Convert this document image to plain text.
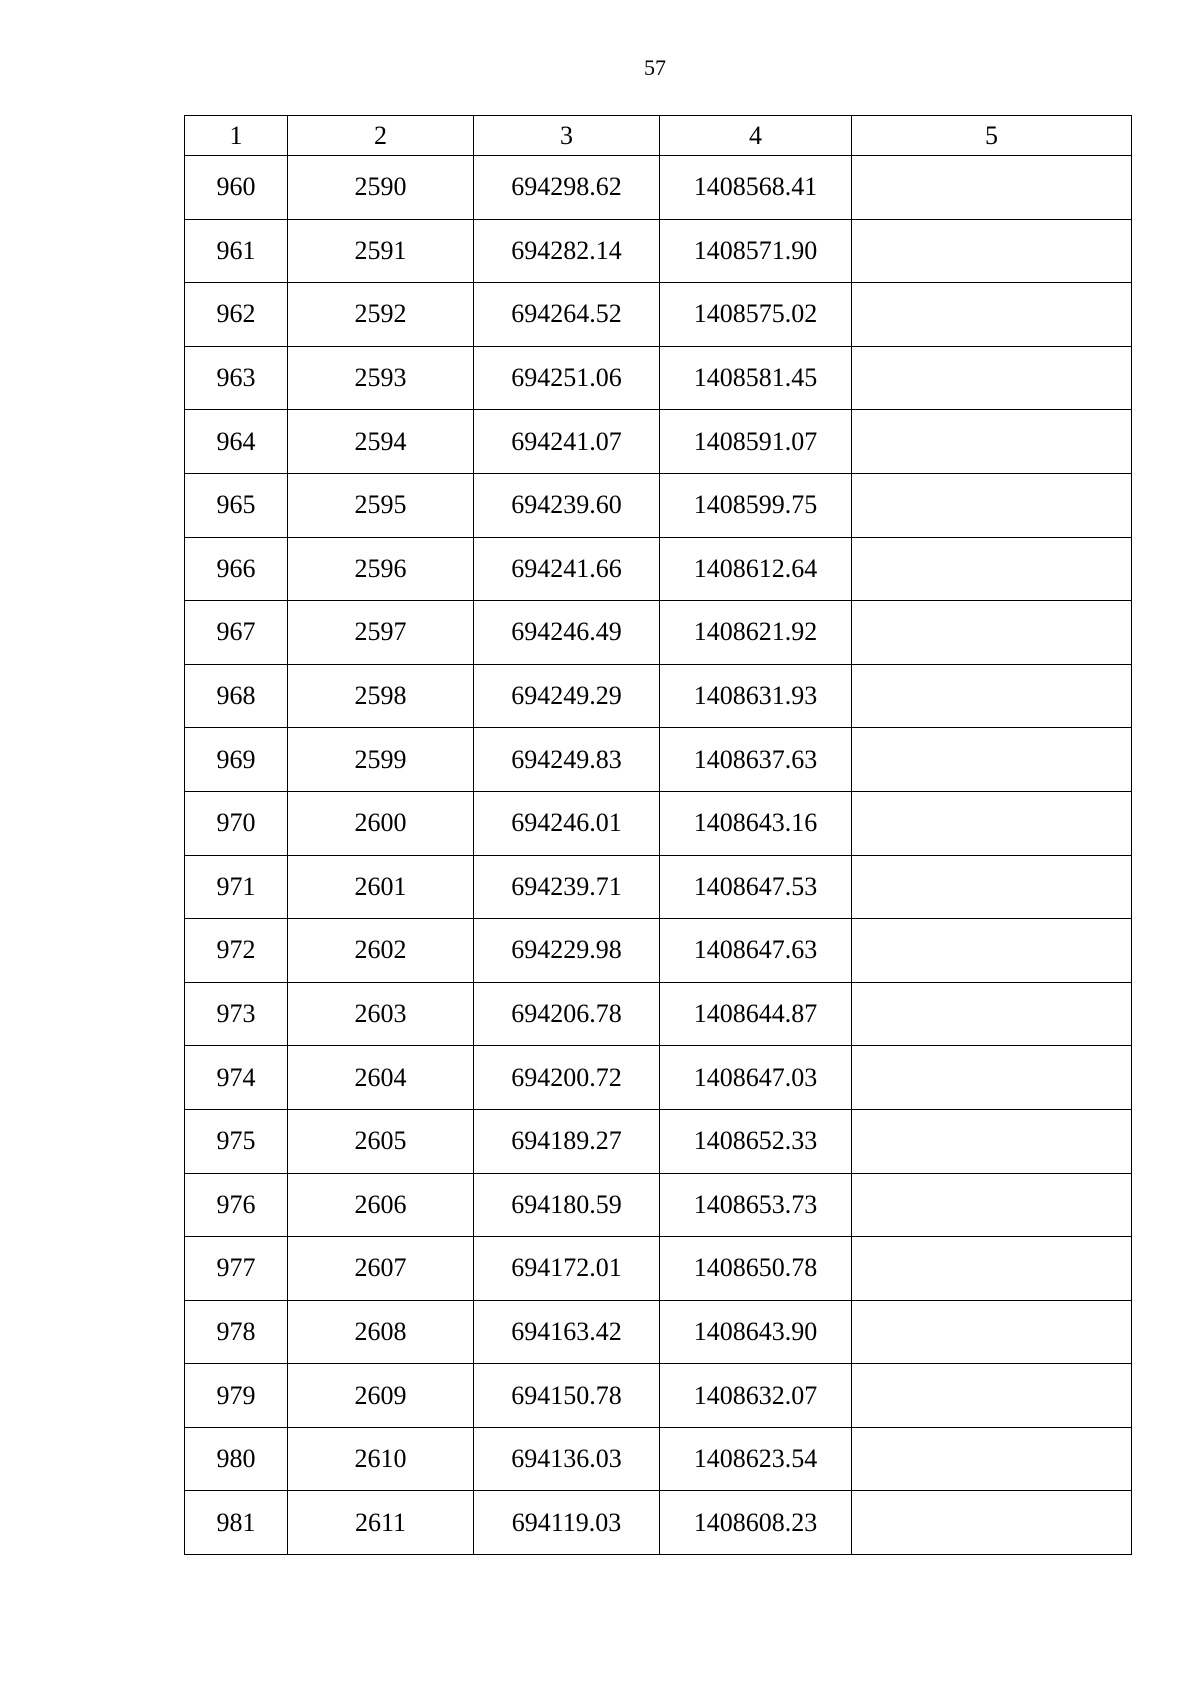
57
1	2	3	4	5
960	2590	694298.62	1408568.41	
961	2591	694282.14	1408571.90	
962	2592	694264.52	1408575.02	
963	2593	694251.06	1408581.45	
964	2594	694241.07	1408591.07	
965	2595	694239.60	1408599.75	
966	2596	694241.66	1408612.64	
967	2597	694246.49	1408621.92	
968	2598	694249.29	1408631.93	
969	2599	694249.83	1408637.63	
970	2600	694246.01	1408643.16	
971	2601	694239.71	1408647.53	
972	2602	694229.98	1408647.63	
973	2603	694206.78	1408644.87	
974	2604	694200.72	1408647.03	
975	2605	694189.27	1408652.33	
976	2606	694180.59	1408653.73	
977	2607	694172.01	1408650.78	
978	2608	694163.42	1408643.90	
979	2609	694150.78	1408632.07	
980	2610	694136.03	1408623.54	
981	2611	694119.03	1408608.23	
